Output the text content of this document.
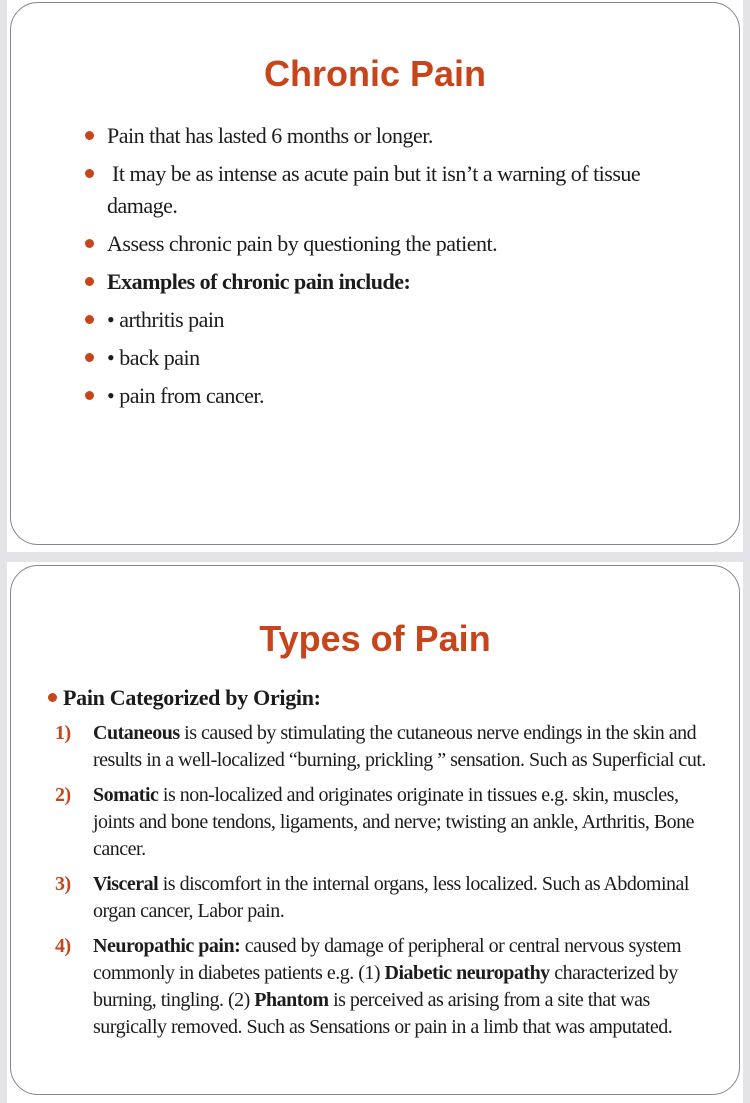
Chronic Pain
Pain that has lasted 6 months or longer.
It may be as intense as acute pain but it isn’t a warning of tissue damage.
Assess chronic pain by questioning the patient.
Examples of chronic pain include:
• arthritis pain
• back pain
• pain from cancer.
Types of Pain
Pain Categorized by Origin:
1) Cutaneous is caused by stimulating the cutaneous nerve endings in the skin and results in a well-localized “burning, prickling ” sensation. Such as Superficial cut.
2) Somatic is non-localized and originates originate in tissues e.g. skin, muscles, joints and bone tendons, ligaments, and nerve; twisting an ankle, Arthritis, Bone cancer.
3) Visceral is discomfort in the internal organs, less localized. Such as Abdominal organ cancer, Labor pain.
4) Neuropathic pain: caused by damage of peripheral or central nervous system commonly in diabetes patients e.g. (1) Diabetic neuropathy characterized by burning, tingling. (2) Phantom is perceived as arising from a site that was surgically removed. Such as Sensations or pain in a limb that was amputated.
